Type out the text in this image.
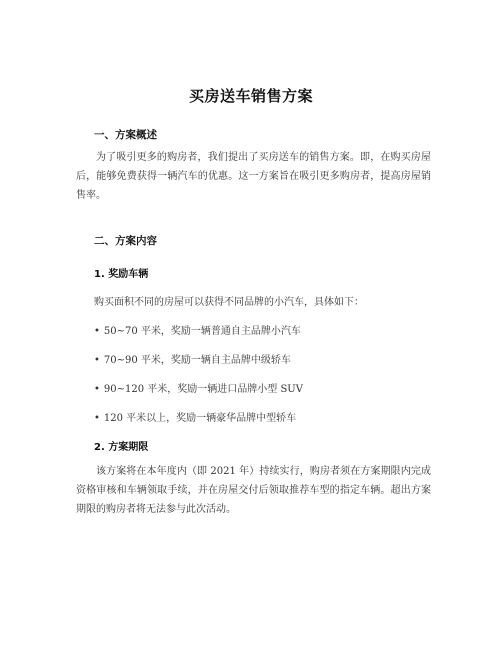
买房送车销售方案
一、方案概述
为了吸引更多的购房者，我们提出了买房送车的销售方案。即，在购买房屋后，能够免费获得一辆汽车的优惠。这一方案旨在吸引更多购房者，提高房屋销售率。
二、方案内容
1. 奖励车辆
购买面积不同的房屋可以获得不同品牌的小汽车，具体如下：
• 50~70 平米，奖励一辆普通自主品牌小汽车
• 70~90 平米，奖励一辆自主品牌中级轿车
• 90~120 平米，奖励一辆进口品牌小型 SUV
• 120 平米以上，奖励一辆豪华品牌中型轿车
2. 方案期限
该方案将在本年度内（即 2021 年）持续实行，购房者须在方案期限内完成资格审核和车辆领取手续，并在房屋交付后领取推荐车型的指定车辆。超出方案期限的购房者将无法参与此次活动。
